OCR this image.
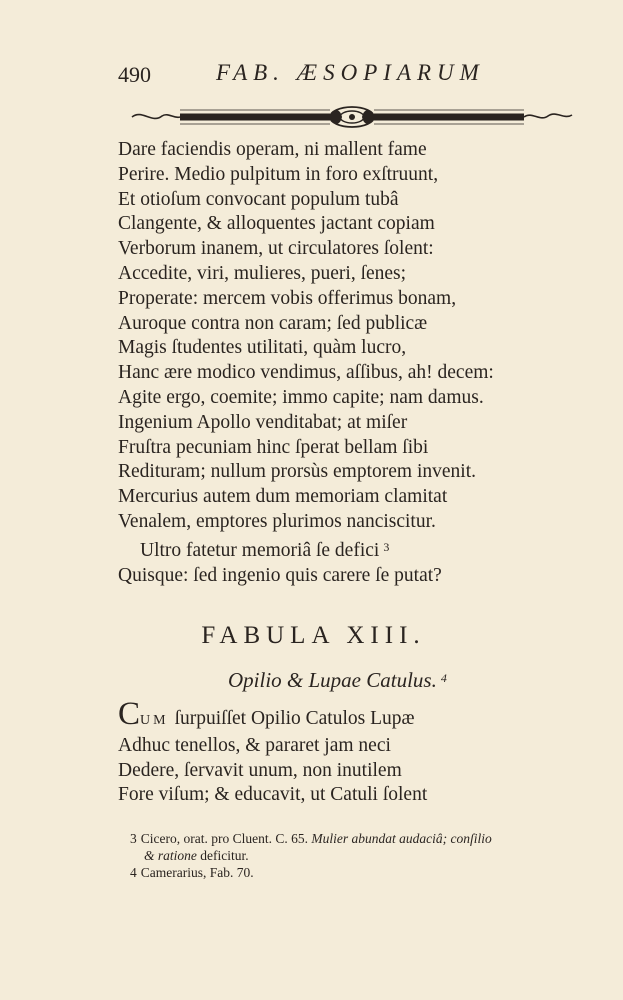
490	FAB. ÆSOPIARUM
Dare faciendis operam, ni mallent fame
Perire. Medio pulpitum in foro exſtruunt,
Et otioſum convocant populum tubâ
Clangente, & alloquentes jactant copiam
Verborum inanem, ut circulatores ſolent:
Accedite, viri, mulieres, pueri, ſenes;
Properate: mercem vobis offerimus bonam,
Auroque contra non caram; ſed publicæ
Magis ſtudentes utilitati, quàm lucro,
Hanc ære modico vendimus, aſſibus, ah! decem:
Agite ergo, coemite; immo capite; nam damus.
Ingenium Apollo venditabat; at miſer
Fruſtra pecuniam hinc ſperat bellam ſibi
Redituram; nullum prorsùs emptorem invenit.
Mercurius autem dum memoriam clamitat
Venalem, emptores plurimos nanciscitur.
Ultro fatetur memoriâ ſe defici $^3$
Quisque: ſed ingenio quis carere ſe putat?
FABULA XIII.
Opilio & Lupae Catulus. $^4$
CUM ſurpuiſſet Opilio Catulos Lupæ
Adhuc tenellos, & pararet jam neci
Dedere, ſervavit unum, non inutilem
Fore viſum; & educavit, ut Catuli ſolent
3 Cicero, orat. pro Cluent. C. 65. Mulier abundat audaciâ; conſilio
& ratione deficitur.
4 Camerarius, Fab. 70.
